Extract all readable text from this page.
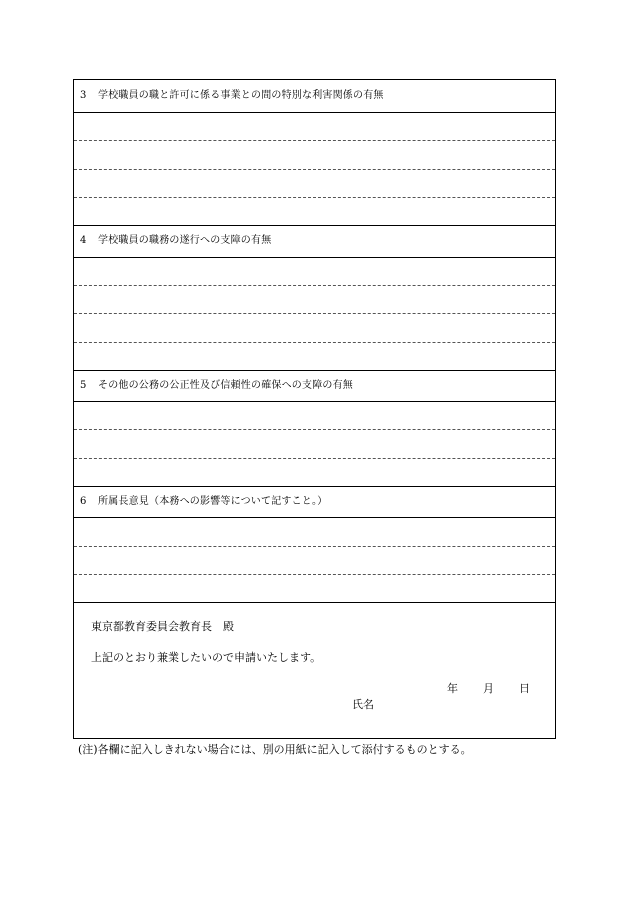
3 学校職員の職と許可に係る事業との間の特別な利害関係の有無
4 学校職員の職務の遂行への支障の有無
5 その他の公務の公正性及び信頼性の確保への支障の有無
6 所属長意見（本務への影響等について記すこと。）
東京都教育委員会教育長　殿
上記のとおり兼業したいので申請いたします。
年 月 日
氏名
(注)各欄に記入しきれない場合には、別の用紙に記入して添付するものとする。
